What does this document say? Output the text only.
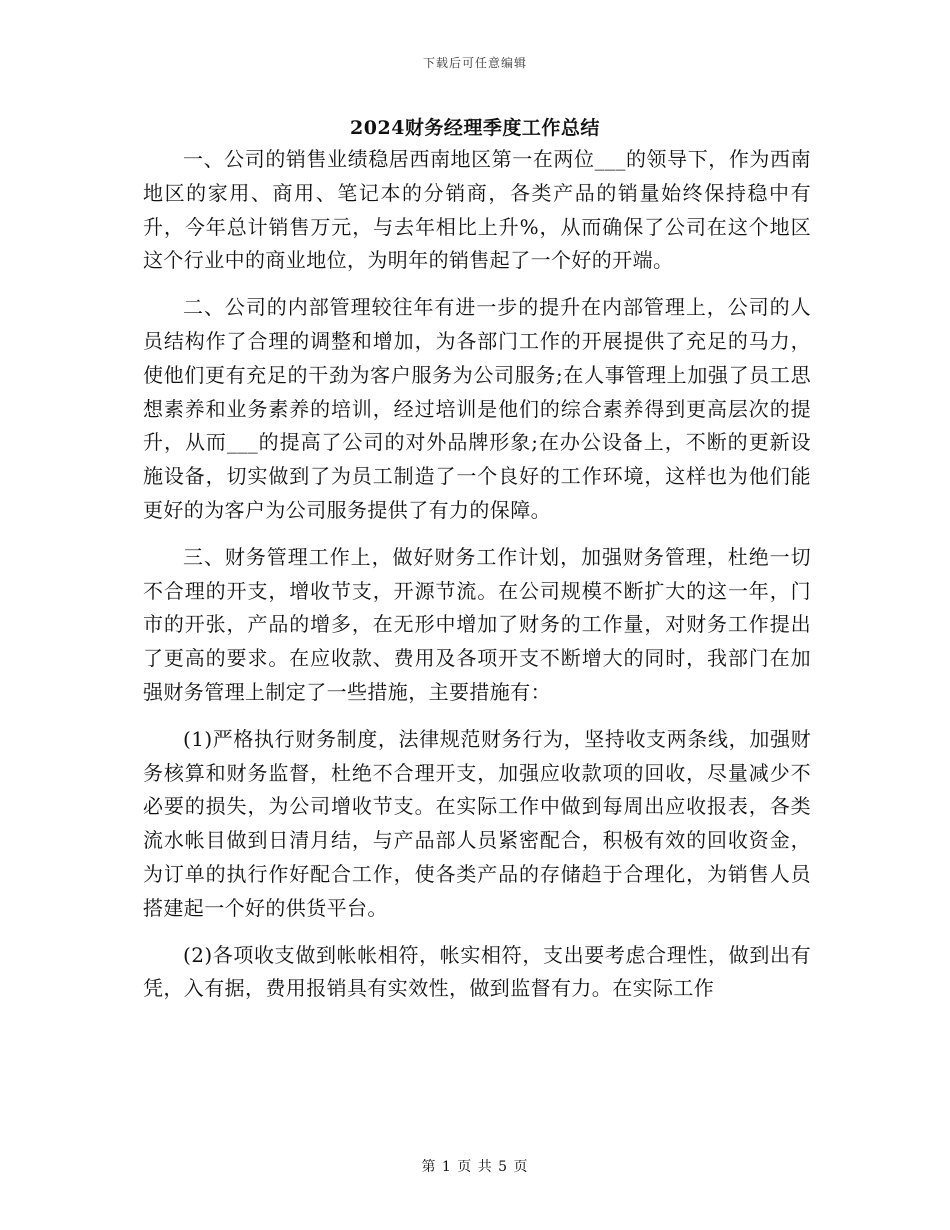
下载后可任意编辑
2024财务经理季度工作总结

一、公司的销售业绩稳居西南地区第一在两位___的领导下，作为西南地区的家用、商用、笔记本的分销商，各类产品的销量始终保持稳中有升，今年总计销售万元，与去年相比上升%，从而确保了公司在这个地区这个行业中的商业地位，为明年的销售起了一个好的开端。

二、公司的内部管理较往年有进一步的提升在内部管理上，公司的人员结构作了合理的调整和增加，为各部门工作的开展提供了充足的马力，使他们更有充足的干劲为客户服务为公司服务;在人事管理上加强了员工思想素养和业务素养的培训，经过培训是他们的综合素养得到更高层次的提升，从而___的提高了公司的对外品牌形象;在办公设备上，不断的更新设施设备，切实做到了为员工制造了一个良好的工作环境，这样也为他们能更好的为客户为公司服务提供了有力的保障。

三、财务管理工作上，做好财务工作计划，加强财务管理，杜绝一切不合理的开支，增收节支，开源节流。在公司规模不断扩大的这一年，门市的开张，产品的增多，在无形中增加了财务的工作量，对财务工作提出了更高的要求。在应收款、费用及各项开支不断增大的同时，我部门在加强财务管理上制定了一些措施，主要措施有：

(1)严格执行财务制度，法律规范财务行为，坚持收支两条线，加强财务核算和财务监督，杜绝不合理开支，加强应收款项的回收，尽量减少不必要的损失，为公司增收节支。在实际工作中做到每周出应收报表，各类流水帐目做到日清月结，与产品部人员紧密配合，积极有效的回收资金，为订单的执行作好配合工作，使各类产品的存储趋于合理化，为销售人员搭建起一个好的供货平台。

(2)各项收支做到帐帐相符，帐实相符，支出要考虑合理性，做到出有凭，入有据，费用报销具有实效性，做到监督有力。在实际工作

第 1 页 共 5 页
